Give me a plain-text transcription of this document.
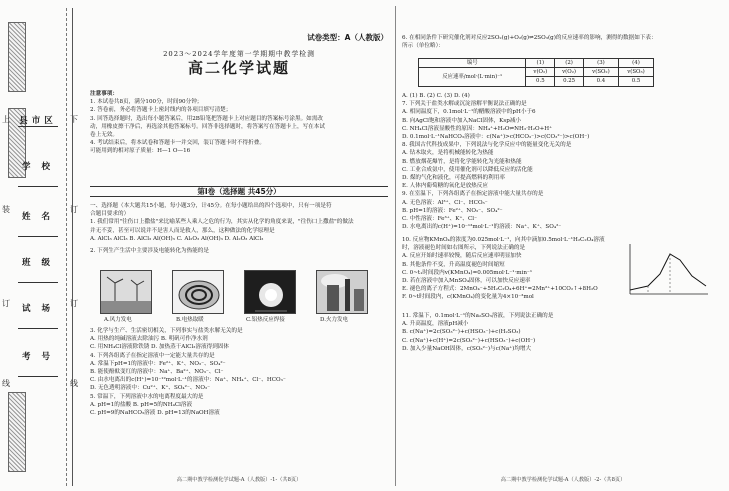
上	下
装	订
订	订
线	线
县市区
学 校
姓 名
班 级
试 场
考 号
试卷类型：A（人教版）
2023～2024学年度第一学期期中教学检测
高二化学试题
注意事项：
1. 本试卷共8页，满分100分，时间90分钟；
2. 答卷前，务必将答题卡上密封线内的各项目填写清楚；
3. 回答选择题时，选出每小题答案后，用2B铅笔把答题卡上对应题目的答案标号涂黑。如需改
动，用橡皮擦干净后，再选涂其他答案标号。回答非选择题时，将答案写在答题卡上，写在本试
卷上无效。
4. 考试结束后，将本试卷和答题卡一并交回，装订答题卡时不得折叠。
可能用到的相对原子质量：H—1 O—16
第Ⅰ卷（选择题 共45分）
一、选择题（本大题共15小题，每小题3分，计45分。在每小题给出的四个选项中，只有一项是符
合题目要求的）
1. 我们常用"往伤口上撒盐"来比喻某些人乘人之危的行为，其实从化学的角度来说，"往伤口上撒盐"的做法
并无不妥，甚至可以说并不是害人而是救人，那么，这种做法的化学原理是
A. AlCl₃ AlCl₃ B. AlCl₃ Al(OH)₃ C. Al₂O₃ Al(OH)₃ D. Al₂O₃ AlCl₃
2. 下列生产生活中主要涉及电能转化为热能的是
A.风力发电	B.电热取暖	C.铝热反应焊接	D.火力发电
3. 化学与生产、生活密切相关，下列事实与盐类水解无关的是
A. 用热的纯碱溶液去除油污 B. 明矾可作净水剂
C. 用NH₄Cl溶液除铁锈 D. 加热蒸干AlCl₃溶液得到固体
4. 下列各组离子在指定溶液中一定能大量共存的是
A. 常温下pH=1的溶液中：Fe²⁺、K⁺、NO₃⁻、SO₄²⁻
B. 能使酚酞变红的溶液中：Na⁺、Ba²⁺、NO₃⁻、Cl⁻
C. 由水电离出的c(H⁺)=10⁻¹²mol·L⁻¹的溶液中：Na⁺、NH₄⁺、Cl⁻、HCO₃⁻
D. 无色透明溶液中：Cu²⁺、K⁺、SO₄²⁻、NO₃⁻
5. 常温下，下列溶液中水的电离程度最大的是
A. pH=1的盐酸 B. pH=5的NH₄Cl溶液
C. pH=9的NaHCO₃溶液 D. pH=13的NaOH溶液
高二期中教学检测化学试题-A（人教版）-1-（共8页）
6. 在相同条件下研究催化剂对反应2SO₂(g)+O₂(g)⇌2SO₃(g)的反应速率的影响，测得的数据如下表：
所示（单位略）：
编号	(1)	(2)	(3)	(4)
反应速率/mol·(L·min)⁻¹	v(O₂)	v(O₂)	v(SO₂)	v(SO₃)
	0.5	0.25	0.4	0.5
A. (1) B. (2) C. (3) D. (4)
7. 下列关于盐类水解或沉淀溶解平衡说法正确的是
A. 相同温度下，0.1mol·L⁻¹的醋酸溶液中的pH小于6
B. 向AgCl饱和溶液中加入NaCl固体，Ksp减小
C. NH₄Cl溶液显酸性的原因：NH₄⁺+H₂O⇌NH₃·H₂O+H⁺
D. 0.1mol·L⁻¹NaHCO₃溶液中：c(Na⁺)>c(HCO₃⁻)>c(CO₃²⁻)>c(OH⁻)
8. 我国古代科技成果中，下列说法与化学反应中的能量变化无关的是
A. 钻木取火，是将机械能转化为热能
B. 燃放烟花爆竹，是将化学能转化为光能和热能
C. 工业合成氨中，使用催化剂可以降低反应的活化能
D. 煤的气化和液化，可提高燃料的利用率
E. 人体内葡萄糖的氧化是放热反应
9. 在室温下，下列各组离子在指定溶液中能大量共存的是
A. 无色溶液：Al³⁺、Cl⁻、HCO₃⁻
B. pH=1的溶液：Fe²⁺、NO₃⁻、SO₄²⁻
C. 中性溶液：Fe³⁺、K⁺、Cl⁻
D. 水电离出的c(H⁺)=10⁻¹³mol·L⁻¹的溶液：Na⁺、K⁺、SO₄²⁻
10. 反应物KMnO₄的浓度为0.025mol·L⁻¹，向其中滴加0.5mol·L⁻¹H₂C₂O₄溶液
时，溶液褪色时间如右图所示，下列说法正确的是
A. 反应开始时速率较慢，随后反应速率明显加快
B. 其他条件不变，升高温度褪色时间缩短
C. 0~t₁时间段内v(KMnO₄)=0.005mol·L⁻¹·min⁻¹
D. 若在溶液中加入MnSO₄固体，可以加快反应速率
E. 褪色的离子方程式：2MnO₄⁻+5H₂C₂O₄+6H⁺=2Mn²⁺+10CO₂↑+8H₂O
F. 0~t时间段内，c(KMnO₄)的变化量为4×10⁻³mol
11. 常温下，0.1mol·L⁻¹的Na₂SO₃溶液，下列说法正确的是
A. 升高温度，溶液pH减小
B. c(Na⁺)=2c(SO₃²⁻)+c(HSO₃⁻)+c(H₂SO₃)
C. c(Na⁺)+c(H⁺)=2c(SO₃²⁻)+c(HSO₃⁻)+c(OH⁻)
D. 加入少量NaOH固体，c(SO₃²⁻)与c(Na⁺)均增大
高二期中教学检测化学试题-A（人教版）-2-（共8页）
